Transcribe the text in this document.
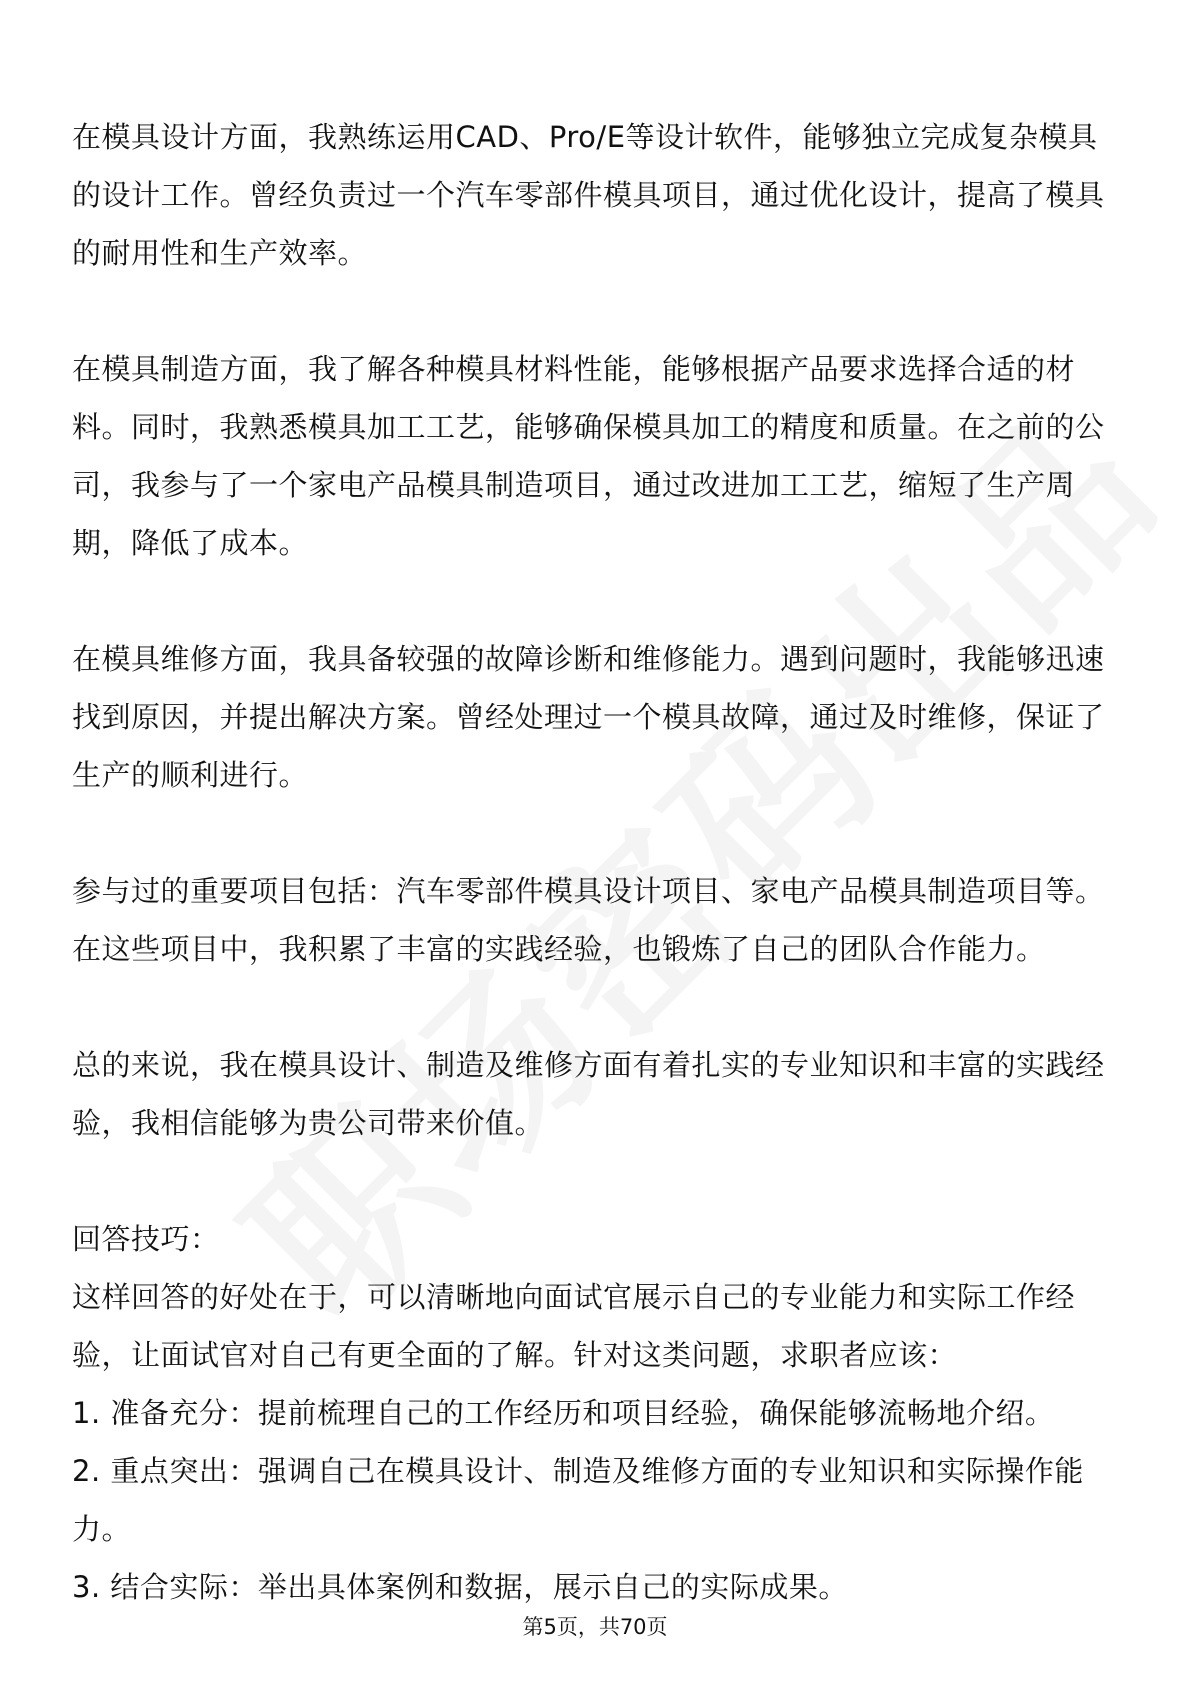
在模具设计方面，我熟练运用CAD、Pro/E等设计软件，能够独立完成复杂模具的设计工作。曾经负责过一个汽车零部件模具项目，通过优化设计，提高了模具的耐用性和生产效率。

在模具制造方面，我了解各种模具材料性能，能够根据产品要求选择合适的材料。同时，我熟悉模具加工工艺，能够确保模具加工的精度和质量。在之前的公司，我参与了一个家电产品模具制造项目，通过改进加工工艺，缩短了生产周期，降低了成本。

在模具维修方面，我具备较强的故障诊断和维修能力。遇到问题时，我能够迅速找到原因，并提出解决方案。曾经处理过一个模具故障，通过及时维修，保证了生产的顺利进行。

参与过的重要项目包括：汽车零部件模具设计项目、家电产品模具制造项目等。在这些项目中，我积累了丰富的实践经验，也锻炼了自己的团队合作能力。

总的来说，我在模具设计、制造及维修方面有着扎实的专业知识和丰富的实践经验，我相信能够为贵公司带来价值。

回答技巧：

这样回答的好处在于，可以清晰地向面试官展示自己的专业能力和实际工作经验，让面试官对自己有更全面的了解。针对这类问题，求职者应该：

1. 准备充分：提前梳理自己的工作经历和项目经验，确保能够流畅地介绍。

2. 重点突出：强调自己在模具设计、制造及维修方面的专业知识和实际操作能力。

3. 结合实际：举出具体案例和数据，展示自己的实际成果。

第5页，共70页
